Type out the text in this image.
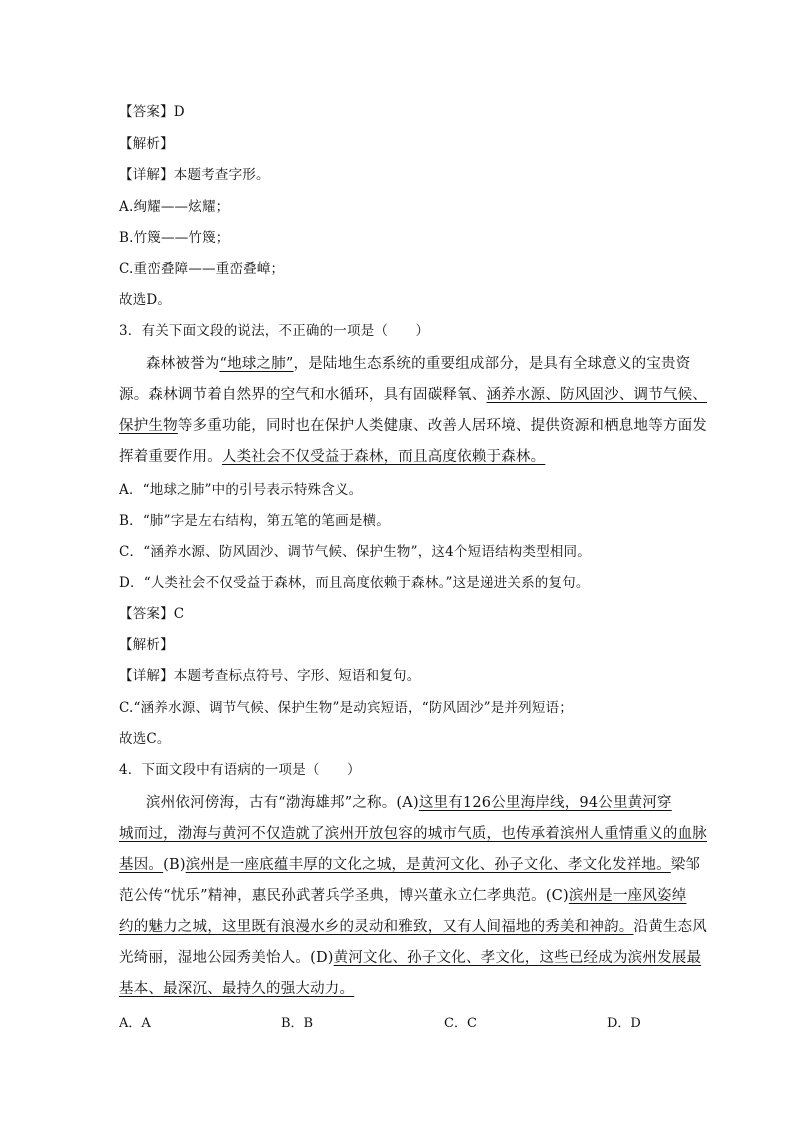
【答案】D
【解析】
【详解】本题考查字形。
A.绚耀——炫耀；
B.竹篾——竹篾；
C.重峦叠障——重峦叠嶂；
故选D。
3．有关下面文段的说法，不正确的一项是（　　）
森林被誉为“地球之肺”，是陆地生态系统的重要组成部分，是具有全球意义的宝贵资
源。森林调节着自然界的空气和水循环，具有固碳释氧、涵养水源、防风固沙、调节气候、
保护生物等多重功能，同时也在保护人类健康、改善人居环境、提供资源和栖息地等方面发
挥着重要作用。人类社会不仅受益于森林，而且高度依赖于森林。
A．“地球之肺”中的引号表示特殊含义。
B．“肺”字是左右结构，第五笔的笔画是横。
C．“涵养水源、防风固沙、调节气候、保护生物”，这4个短语结构类型相同。
D．“人类社会不仅受益于森林，而且高度依赖于森林。”这是递进关系的复句。
【答案】C
【解析】
【详解】本题考查标点符号、字形、短语和复句。
C.“涵养水源、调节气候、保护生物”是动宾短语，“防风固沙”是并列短语；
故选C。
4．下面文段中有语病的一项是（　　）
滨州依河傍海，古有“渤海雄邦”之称。(A)这里有126公里海岸线，94公里黄河穿
城而过，渤海与黄河不仅造就了滨州开放包容的城市气质，也传承着滨州人重情重义的血脉
基因。(B)滨州是一座底蕴丰厚的文化之城，是黄河文化、孙子文化、孝文化发祥地。梁邹
范公传“忧乐”精神，惠民孙武著兵学圣典，博兴董永立仁孝典范。(C)滨州是一座风姿绰
约的魅力之城，这里既有浪漫水乡的灵动和雅致，又有人间福地的秀美和神韵。沿黄生态风
光绮丽，湿地公园秀美怡人。(D)黄河文化、孙子文化、孝文化，这些已经成为滨州发展最
基本、最深沉、最持久的强大动力。
A．A	B．B	C．C	D．D
